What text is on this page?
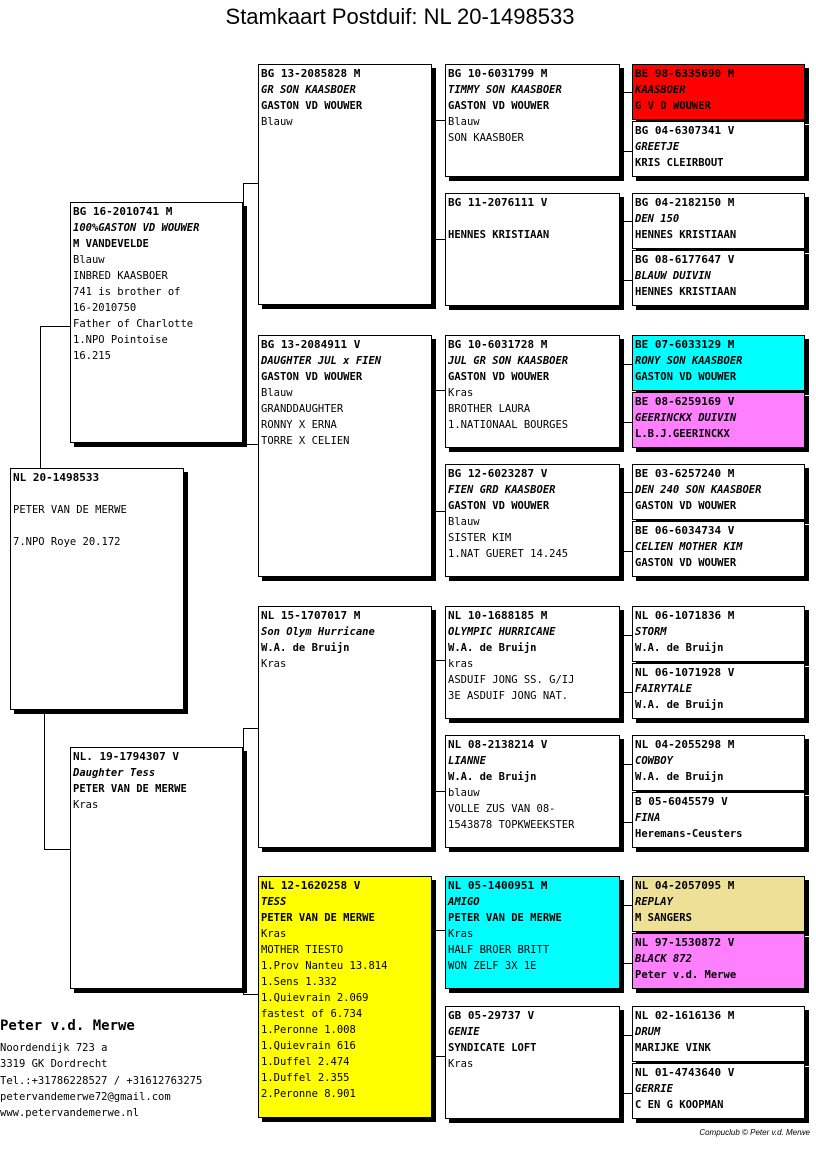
Stamkaart Postduif: NL 20-1498533
NL 20-1498533
PETER VAN DE MERWE
7.NPO Roye 20.172
BG 16-2010741 M
100%GASTON VD WOUWER
M VANDEVELDE
Blauw
INBRED KAASBOER
741 is brother of
16-2010750
Father of Charlotte
1.NPO Pointoise
16.215
NL. 19-1794307 V
Daughter Tess
PETER VAN DE MERWE
Kras
BG 13-2085828 M
GR SON KAASBOER
GASTON VD WOUWER
Blauw
BG 13-2084911 V
DAUGHTER JUL x FIEN
GASTON VD WOUWER
Blauw
GRANDDAUGHTER
RONNY X ERNA
TORRE X CELIEN
NL 15-1707017 M
Son Olym Hurricane
W.A. de Bruijn
Kras
NL 12-1620258 V
TESS
PETER VAN DE MERWE
Kras
MOTHER TIESTO
1.Prov Nanteu 13.814
1.Sens 1.332
1.Quievrain 2.069
fastest of 6.734
1.Peronne 1.008
1.Quievrain 616
1.Duffel 2.474
1.Duffel 2.355
2.Peronne 8.901
BG 10-6031799 M
TIMMY SON KAASBOER
GASTON VD WOUWER
Blauw
SON KAASBOER
BG 11-2076111 V
HENNES KRISTIAAN
BG 10-6031728 M
JUL GR SON KAASBOER
GASTON VD WOUWER
Kras
BROTHER LAURA
1.NATIONAAL BOURGES
BG 12-6023287 V
FIEN GRD KAASBOER
GASTON VD WOUWER
Blauw
SISTER KIM
1.NAT GUERET 14.245
NL 10-1688185 M
OLYMPIC HURRICANE
W.A. de Bruijn
kras
ASDUIF JONG SS. G/IJ
3E ASDUIF JONG NAT.
NL 08-2138214 V
LIANNE
W.A. de Bruijn
blauw
VOLLE ZUS VAN 08-
1543878 TOPKWEEKSTER
NL 05-1400951 M
AMIGO
PETER VAN DE MERWE
Kras
HALF BROER BRITT
WON ZELF 3X 1E
GB 05-29737 V
GENIE
SYNDICATE LOFT
Kras
BE 98-6335690 M
KAASBOER
G V D WOUWER
BG 04-6307341 V
GREETJE
KRIS CLEIRBOUT
BG 04-2182150 M
DEN 150
HENNES KRISTIAAN
BG 08-6177647 V
BLAUW DUIVIN
HENNES KRISTIAAN
BE 07-6033129 M
RONY SON KAASBOER
GASTON VD WOUWER
BE 08-6259169 V
GEERINCKX DUIVIN
L.B.J.GEERINCKX
BE 03-6257240 M
DEN 240 SON KAASBOER
GASTON VD WOUWER
BE 06-6034734 V
CELIEN MOTHER KIM
GASTON VD WOUWER
NL 06-1071836 M
STORM
W.A. de Bruijn
NL 06-1071928 V
FAIRYTALE
W.A. de Bruijn
NL 04-2055298 M
COWBOY
W.A. de Bruijn
B 05-6045579 V
FINA
Heremans-Ceusters
NL 04-2057095 M
REPLAY
M SANGERS
NL 97-1530872 V
BLACK 872
Peter v.d. Merwe
NL 02-1616136 M
DRUM
MARIJKE VINK
NL 01-4743640 V
GERRIE
C EN G KOOPMAN
Peter v.d. Merwe
Noordendijk 723 a
3319 GK Dordrecht
Tel.:+31786228527 / +31612763275
petervandemerwe72@gmail.com
www.petervandemerwe.nl
Compuclub © Peter v.d. Merwe
